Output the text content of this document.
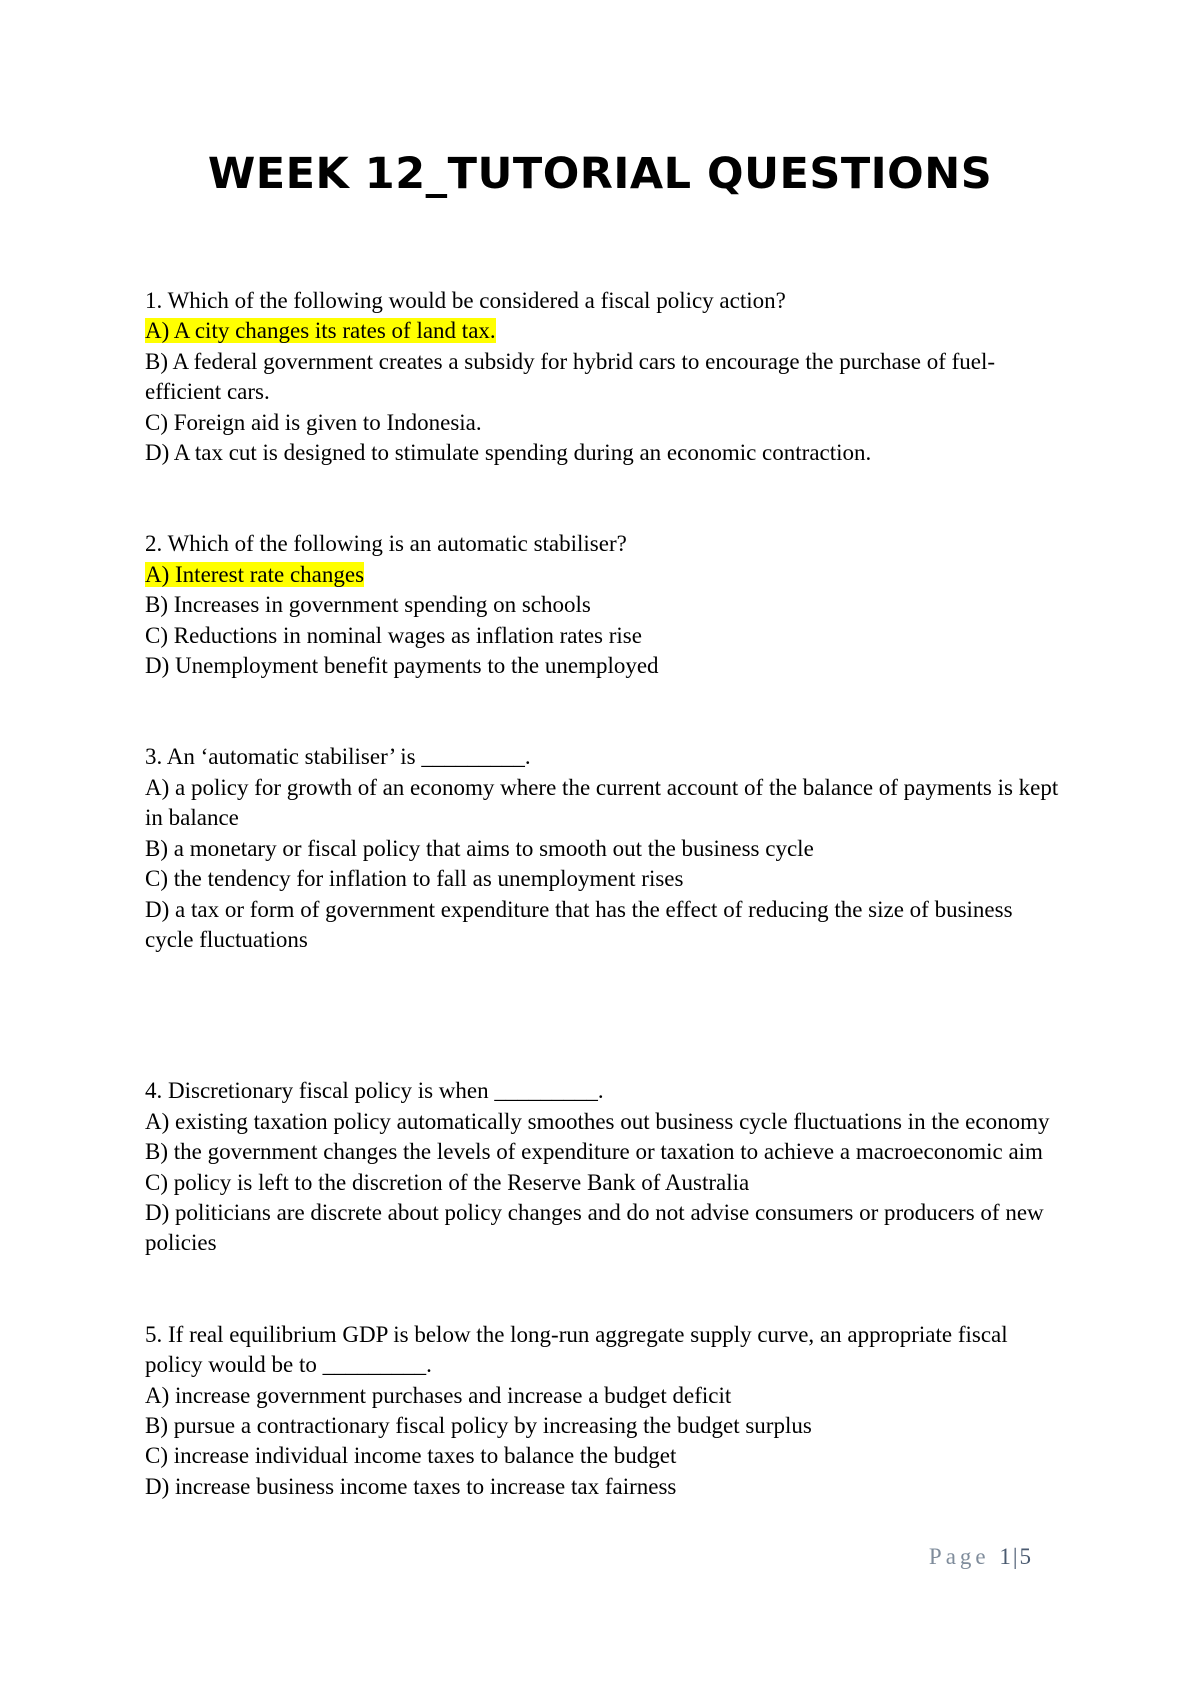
WEEK 12_TUTORIAL QUESTIONS
1. Which of the following would be considered a fiscal policy action?
A) A city changes its rates of land tax.
B) A federal government creates a subsidy for hybrid cars to encourage the purchase of fuel-efficient cars.
C) Foreign aid is given to Indonesia.
D) A tax cut is designed to stimulate spending during an economic contraction.
2. Which of the following is an automatic stabiliser?
A) Interest rate changes
B) Increases in government spending on schools
C) Reductions in nominal wages as inflation rates rise
D) Unemployment benefit payments to the unemployed
3. An ‘automatic stabiliser’ is _________.
A) a policy for growth of an economy where the current account of the balance of payments is kept in balance
B) a monetary or fiscal policy that aims to smooth out the business cycle
C) the tendency for inflation to fall as unemployment rises
D) a tax or form of government expenditure that has the effect of reducing the size of business cycle fluctuations
4. Discretionary fiscal policy is when _________.
A) existing taxation policy automatically smoothes out business cycle fluctuations in the economy
B) the government changes the levels of expenditure or taxation to achieve a macroeconomic aim
C) policy is left to the discretion of the Reserve Bank of Australia
D) politicians are discrete about policy changes and do not advise consumers or producers of new policies
5. If real equilibrium GDP is below the long-run aggregate supply curve, an appropriate fiscal policy would be to _________.
A) increase government purchases and increase a budget deficit
B) pursue a contractionary fiscal policy by increasing the budget surplus
C) increase individual income taxes to balance the budget
D) increase business income taxes to increase tax fairness
Page 1|5
